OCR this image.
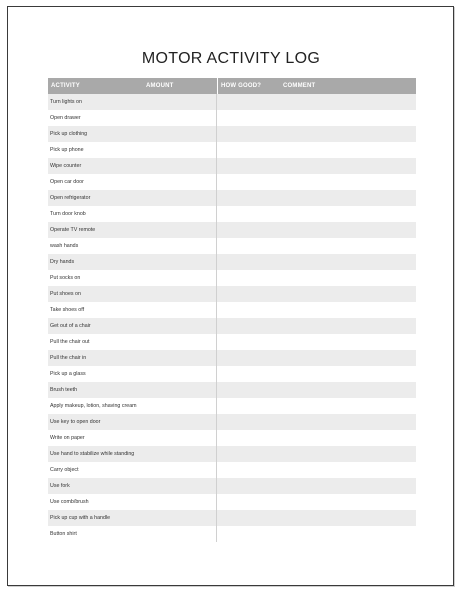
MOTOR ACTIVITY LOG
ACTIVITY	AMOUNT	HOW GOOD?	COMMENT
Turn lights on
Open drawer
Pick up clothing
Pick up phone
Wipe counter
Open car door
Open refrigerator
Turn door knob
Operate TV remote
wash hands
Dry hands
Put socks on
Put shoes on
Take shoes off
Get out of a chair
Pull the chair out
Pull the chair in
Pick up a glass
Brush teeth
Apply makeup, lotion, shaving cream
Use key to open door
Write on paper
Use hand to stabilize while standing
Carry object
Use fork
Use comb/brush
Pick up cup with a handle
Button shirt
